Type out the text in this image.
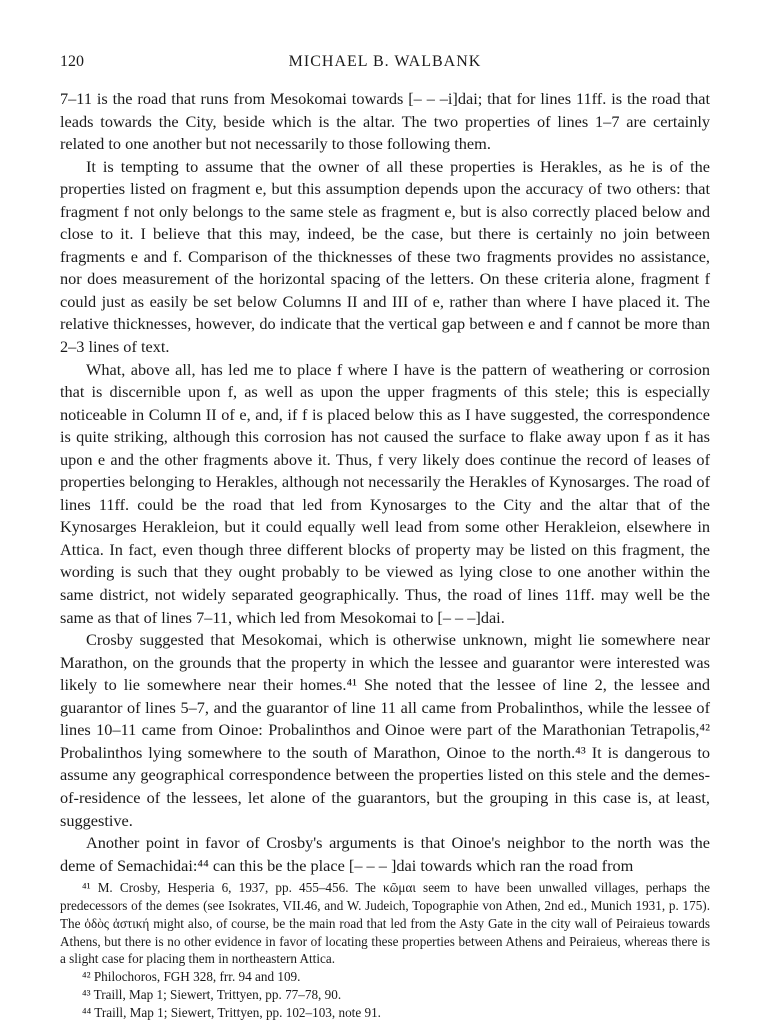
120	MICHAEL B. WALBANK

7–11 is the road that runs from Mesokomai towards [– – –i]dai; that for lines 11ff. is the road that leads towards the City, beside which is the altar. The two properties of lines 1–7 are certainly related to one another but not necessarily to those following them.

It is tempting to assume that the owner of all these properties is Herakles, as he is of the properties listed on fragment e, but this assumption depends upon the accuracy of two others: that fragment f not only belongs to the same stele as fragment e, but is also correctly placed below and close to it. I believe that this may, indeed, be the case, but there is certainly no join between fragments e and f. Comparison of the thicknesses of these two fragments provides no assistance, nor does measurement of the horizontal spacing of the letters. On these criteria alone, fragment f could just as easily be set below Columns II and III of e, rather than where I have placed it. The relative thicknesses, however, do indicate that the vertical gap between e and f cannot be more than 2–3 lines of text.

What, above all, has led me to place f where I have is the pattern of weathering or corrosion that is discernible upon f, as well as upon the upper fragments of this stele; this is especially noticeable in Column II of e, and, if f is placed below this as I have suggested, the correspondence is quite striking, although this corrosion has not caused the surface to flake away upon f as it has upon e and the other fragments above it. Thus, f very likely does continue the record of leases of properties belonging to Herakles, although not necessarily the Herakles of Kynosarges. The road of lines 11ff. could be the road that led from Kynosarges to the City and the altar that of the Kynosarges Herakleion, but it could equally well lead from some other Herakleion, elsewhere in Attica. In fact, even though three different blocks of property may be listed on this fragment, the wording is such that they ought probably to be viewed as lying close to one another within the same district, not widely separated geographically. Thus, the road of lines 11ff. may well be the same as that of lines 7–11, which led from Mesokomai to [– – –]dai.

Crosby suggested that Mesokomai, which is otherwise unknown, might lie somewhere near Marathon, on the grounds that the property in which the lessee and guarantor were interested was likely to lie somewhere near their homes.⁴¹ She noted that the lessee of line 2, the lessee and guarantor of lines 5–7, and the guarantor of line 11 all came from Probalinthos, while the lessee of lines 10–11 came from Oinoe: Probalinthos and Oinoe were part of the Marathonian Tetrapolis,⁴² Probalinthos lying somewhere to the south of Marathon, Oinoe to the north.⁴³ It is dangerous to assume any geographical correspondence between the properties listed on this stele and the demes-of-residence of the lessees, let alone of the guarantors, but the grouping in this case is, at least, suggestive.

Another point in favor of Crosby's arguments is that Oinoe's neighbor to the north was the deme of Semachidai:⁴⁴ can this be the place [– – – ]dai towards which ran the road from

⁴¹ M. Crosby, Hesperia 6, 1937, pp. 455–456. The κῶμαι seem to have been unwalled villages, perhaps the predecessors of the demes (see Isokrates, VII.46, and W. Judeich, Topographie von Athen, 2nd ed., Munich 1931, p. 175). The ὁδὸς ἀστική might also, of course, be the main road that led from the Asty Gate in the city wall of Peiraieus towards Athens, but there is no other evidence in favor of locating these properties between Athens and Peiraieus, whereas there is a slight case for placing them in northeastern Attica.

⁴² Philochoros, FGH 328, frr. 94 and 109.

⁴³ Traill, Map 1; Siewert, Trittyen, pp. 77–78, 90.

⁴⁴ Traill, Map 1; Siewert, Trittyen, pp. 102–103, note 91.
